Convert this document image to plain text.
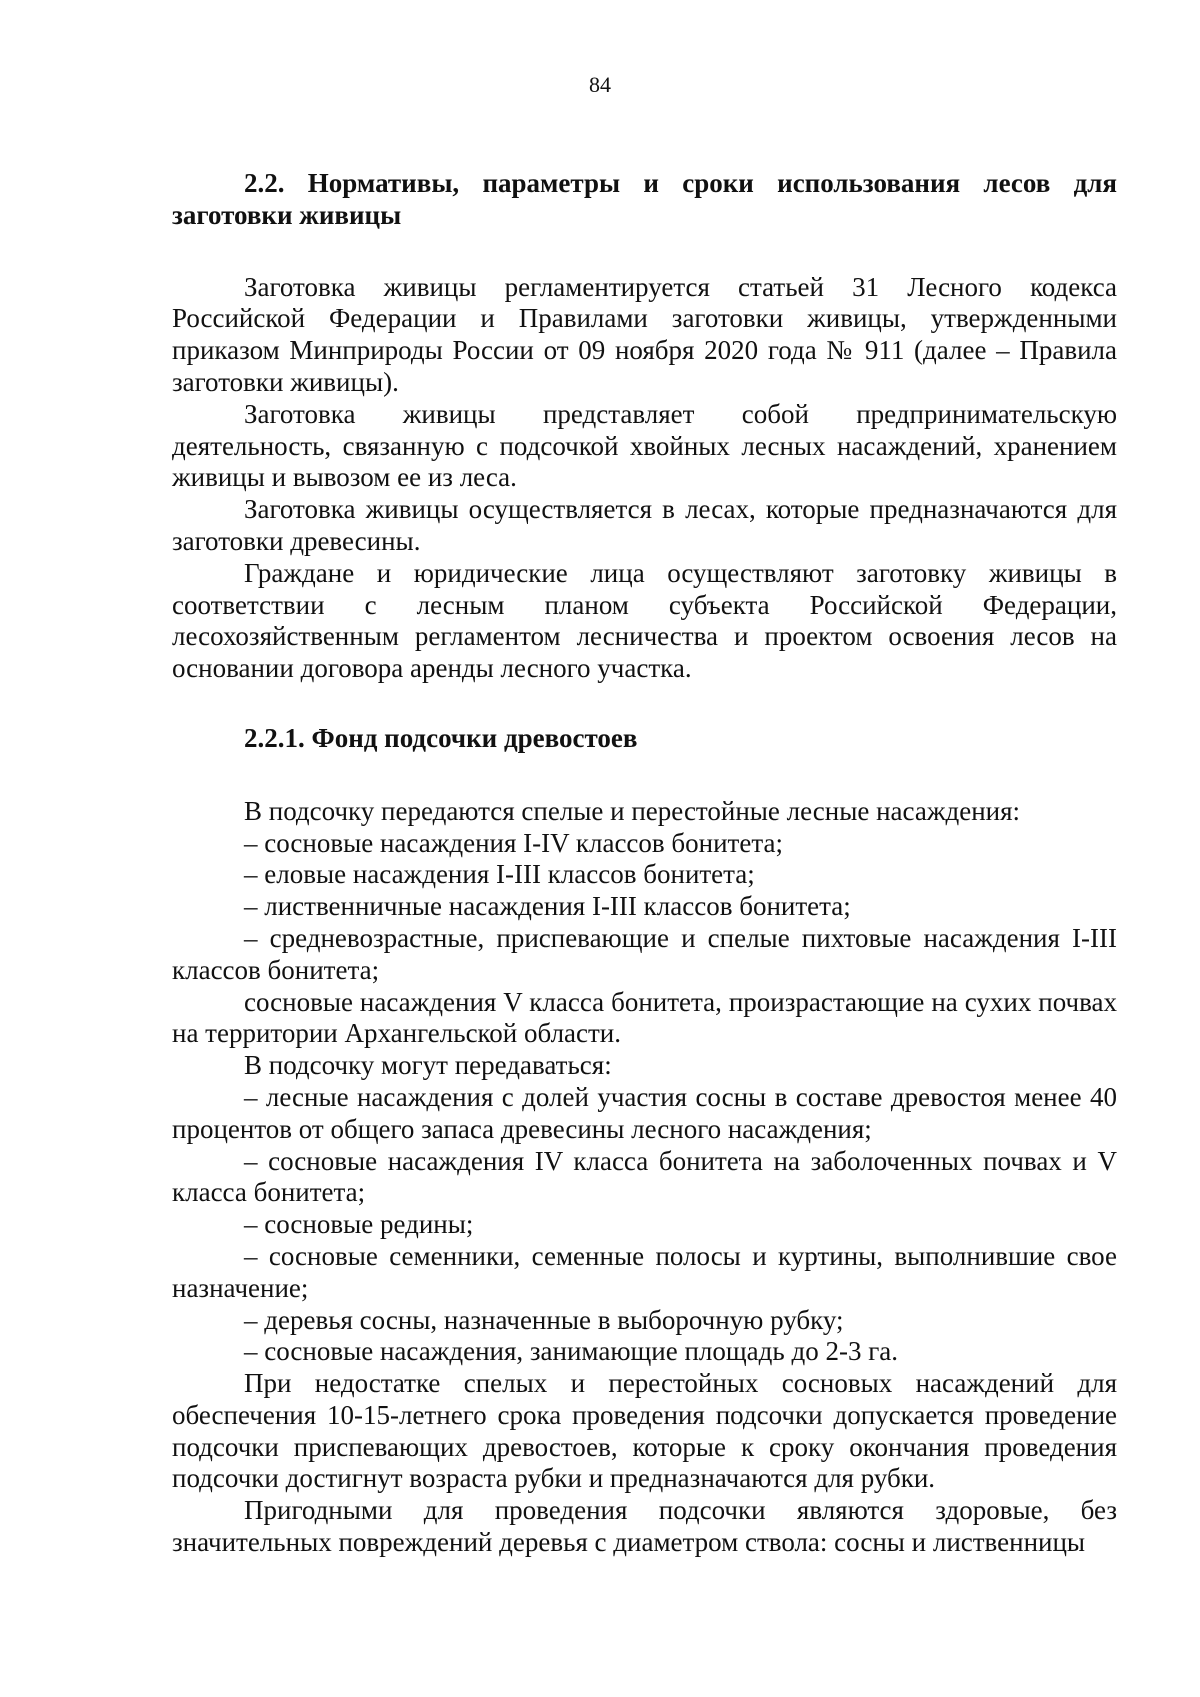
84
2.2. Нормативы, параметры и сроки использования лесов для заготовки живицы

Заготовка живицы регламентируется статьей 31 Лесного кодекса Российской Федерации и Правилами заготовки живицы, утвержденными приказом Минприроды России от 09 ноября 2020 года № 911 (далее – Правила заготовки живицы).

Заготовка живицы представляет собой предпринимательскую деятельность, связанную с подсочкой хвойных лесных насаждений, хранением живицы и вывозом ее из леса.

Заготовка живицы осуществляется в лесах, которые предназначаются для заготовки древесины.

Граждане и юридические лица осуществляют заготовку живицы в соответствии с лесным планом субъекта Российской Федерации, лесохозяйственным регламентом лесничества и проектом освоения лесов на основании договора аренды лесного участка.

2.2.1. Фонд подсочки древостоев

В подсочку передаются спелые и перестойные лесные насаждения:

– сосновые насаждения I-IV классов бонитета;

– еловые насаждения I-III классов бонитета;

– лиственничные насаждения I-III классов бонитета;

– средневозрастные, приспевающие и спелые пихтовые насаждения I-III классов бонитета;

сосновые насаждения V класса бонитета, произрастающие на сухих почвах на территории Архангельской области.

В подсочку могут передаваться:

– лесные насаждения с долей участия сосны в составе древостоя менее 40 процентов от общего запаса древесины лесного насаждения;

– сосновые насаждения IV класса бонитета на заболоченных почвах и V класса бонитета;

– сосновые редины;

– сосновые семенники, семенные полосы и куртины, выполнившие свое назначение;

– деревья сосны, назначенные в выборочную рубку;

– сосновые насаждения, занимающие площадь до 2-3 га.

При недостатке спелых и перестойных сосновых насаждений для обеспечения 10-15-летнего срока проведения подсочки допускается проведение подсочки приспевающих древостоев, которые к сроку окончания проведения подсочки достигнут возраста рубки и предназначаются для рубки.

Пригодными для проведения подсочки являются здоровые, без значительных повреждений деревья с диаметром ствола: сосны и лиственницы
